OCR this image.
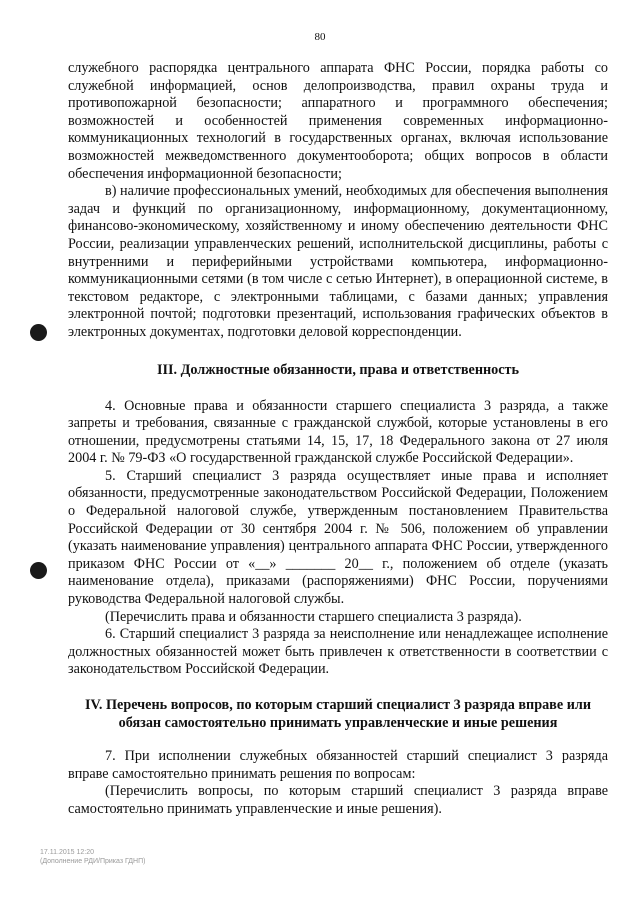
80

служебного распорядка центрального аппарата ФНС России, порядка работы со служебной информацией, основ делопроизводства, правил охраны труда и противопожарной безопасности; аппаратного и программного обеспечения; возможностей и особенностей применения современных информационно-коммуникационных технологий в государственных органах, включая использование возможностей межведомственного документооборота; общих вопросов в области обеспечения информационной безопасности;

в) наличие профессиональных умений, необходимых для обеспечения выполнения задач и функций по организационному, информационному, документационному, финансово-экономическому, хозяйственному и иному обеспечению деятельности ФНС России, реализации управленческих решений, исполнительской дисциплины, работы с внутренними и периферийными устройствами компьютера, информационно-коммуникационными сетями (в том числе с сетью Интернет), в операционной системе, в текстовом редакторе, с электронными таблицами, с базами данных; управления электронной почтой; подготовки презентаций, использования графических объектов в электронных документах, подготовки деловой корреспонденции.

III. Должностные обязанности, права и ответственность

4. Основные права и обязанности старшего специалиста 3 разряда, а также запреты и требования, связанные с гражданской службой, которые установлены в его отношении, предусмотрены статьями 14, 15, 17, 18 Федерального закона от 27 июля 2004 г. № 79-ФЗ «О государственной гражданской службе Российской Федерации».

5. Старший специалист 3 разряда осуществляет иные права и исполняет обязанности, предусмотренные законодательством Российской Федерации, Положением о Федеральной налоговой службе, утвержденным постановлением Правительства Российской Федерации от 30 сентября 2004 г. № 506, положением об управлении (указать наименование управления) центрального аппарата ФНС России, утвержденного приказом ФНС России от «__» _______ 20__ г., положением об отделе (указать наименование отдела), приказами (распоряжениями) ФНС России, поручениями руководства Федеральной налоговой службы.

(Перечислить права и обязанности старшего специалиста 3 разряда).

6. Старший специалист 3 разряда за неисполнение или ненадлежащее исполнение должностных обязанностей может быть привлечен к ответственности в соответствии с законодательством Российской Федерации.

IV. Перечень вопросов, по которым старший специалист 3 разряда вправе или обязан самостоятельно принимать управленческие и иные решения

7. При исполнении служебных обязанностей старший специалист 3 разряда вправе самостоятельно принимать решения по вопросам:

(Перечислить вопросы, по которым старший специалист 3 разряда вправе самостоятельно принимать управленческие и иные решения).

17.11.2015 12:20
(Дополнение РДИ/Приказ ГДНП)
